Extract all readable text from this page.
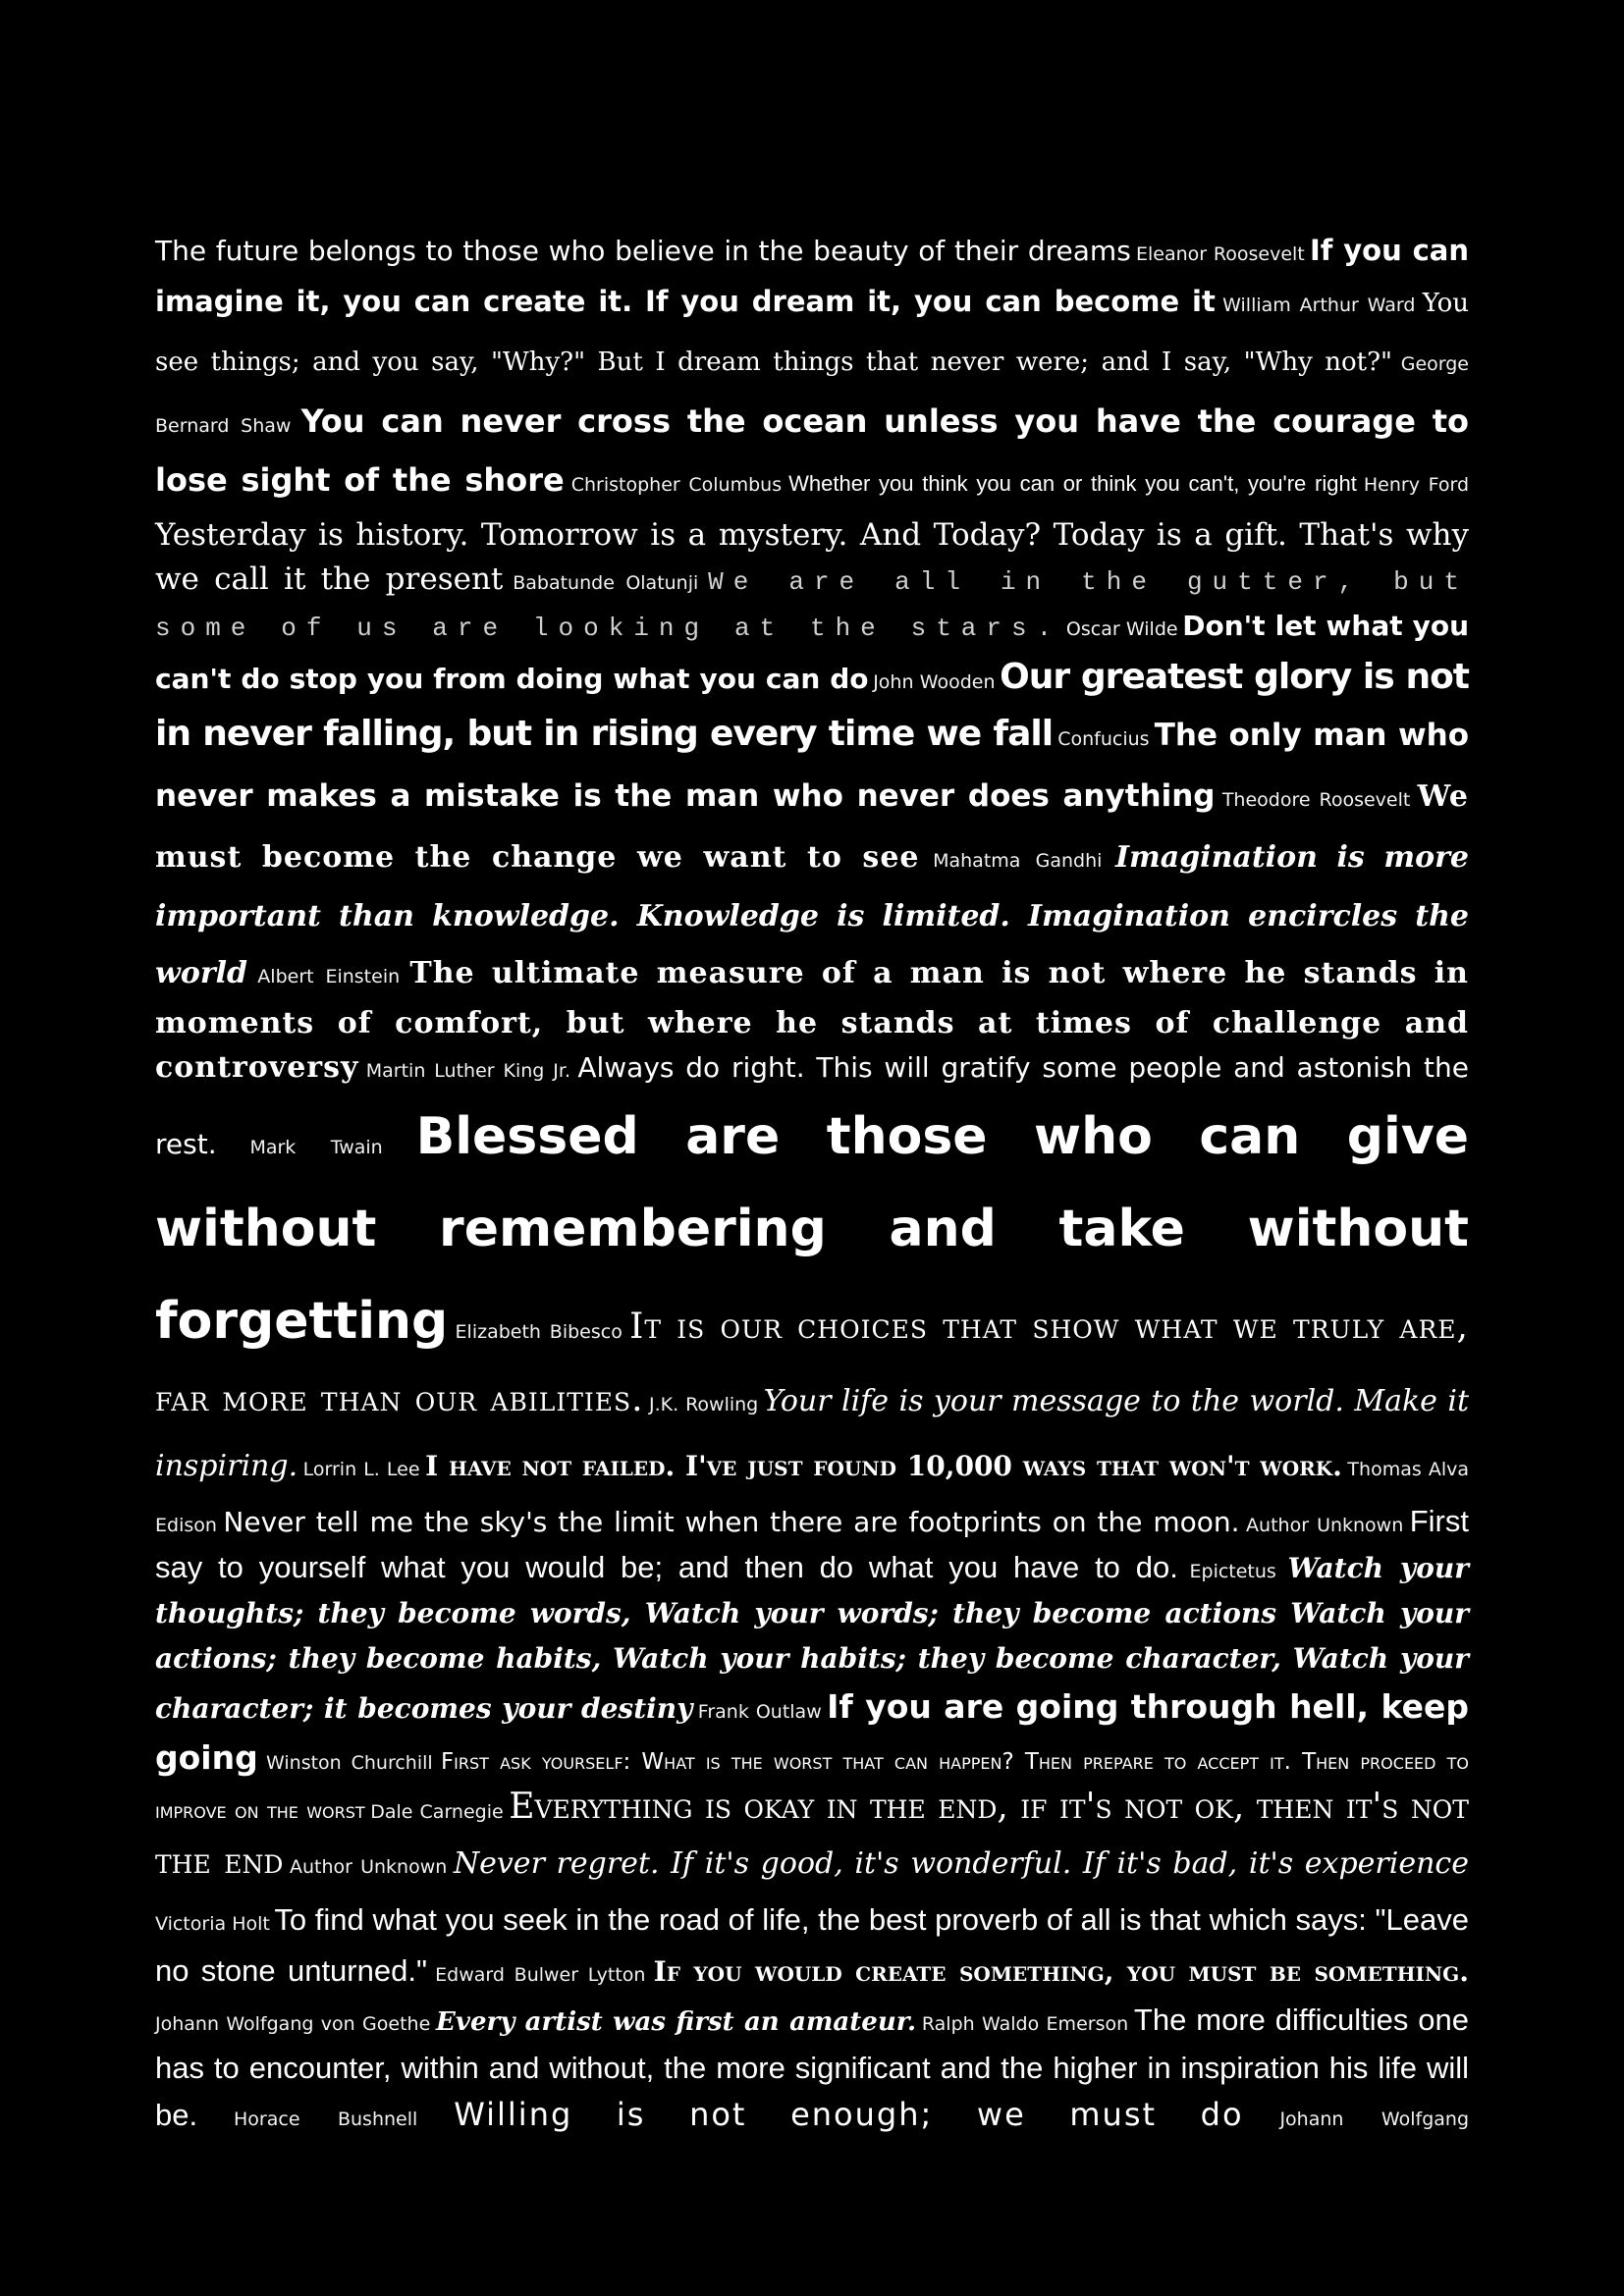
The future belongs to those who believe in the beauty of their dreams Eleanor Roosevelt If you can imagine it, you can create it. If you dream it, you can become it William Arthur Ward You see things; and you say, "Why?" But I dream things that never were; and I say, "Why not?" George Bernard Shaw You can never cross the ocean unless you have the courage to lose sight of the shore Christopher Columbus Whether you think you can or think you can't, you're right Henry Ford Yesterday is history. Tomorrow is a mystery. And Today? Today is a gift. That's why we call it the present Babatunde Olatunji We are all in the gutter, but some of us are looking at the stars. Oscar Wilde Don't let what you can't do stop you from doing what you can do John Wooden Our greatest glory is not in never falling, but in rising every time we fall Confucius The only man who never makes a mistake is the man who never does anything Theodore Roosevelt We must become the change we want to see Mahatma Gandhi Imagination is more important than knowledge. Knowledge is limited. Imagination encircles the world Albert Einstein The ultimate measure of a man is not where he stands in moments of comfort, but where he stands at times of challenge and controversy Martin Luther King Jr. Always do right. This will gratify some people and astonish the rest. Mark Twain Blessed are those who can give without remembering and take without forgetting Elizabeth Bibesco It is our choices that show what we truly are, far more than our abilities. J.K. Rowling Your life is your message to the world. Make it inspiring. Lorrin L. Lee I have not failed. I've just found 10,000 ways that won't work. Thomas Alva Edison Never tell me the sky's the limit when there are footprints on the moon. Author Unknown First say to yourself what you would be; and then do what you have to do. Epictetus Watch your thoughts; they become words, Watch your words; they become actions Watch your actions; they become habits, Watch your habits; they become character, Watch your character; it becomes your destiny Frank Outlaw If you are going through hell, keep going Winston Churchill First ask yourself: What is the worst that can happen? Then prepare to accept it. Then proceed to improve on the worst Dale Carnegie Everything is okay in the end, if it's not ok, then it's not the end Author Unknown Never regret. If it's good, it's wonderful. If it's bad, it's experience Victoria Holt To find what you seek in the road of life, the best proverb of all is that which says: "Leave no stone unturned." Edward Bulwer Lytton If you would create something, you must be something. Johann Wolfgang von Goethe Every artist was first an amateur. Ralph Waldo Emerson The more difficulties one has to encounter, within and without, the more significant and the higher in inspiration his life will be. Horace Bushnell Willing is not enough; we must do Johann Wolfgang
